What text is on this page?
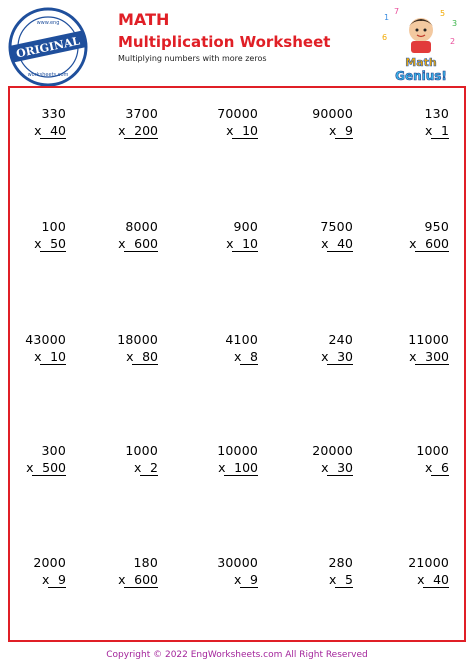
ORIGINAL
www.eng
worksheets.com
MATH
Multiplication Worksheet
Multiplying numbers with more zeros
1
7	5
3
6	2
Math
Genius!
330
x 40
3700
x 200
70000
x 10
90000
x 9
130
x 1
100
x 50
8000
x 600
900
x 10
7500
x 40
950
x 600
43000
x 10
18000
x 80
4100
x 8
240
x 30
11000
x 300
300
x 500
1000
x 2
10000
x 100
20000
x 30
1000
x 6
2000
x 9
180
x 600
30000
x 9
280
x 5
21000
x 40
Copyright © 2022 EngWorksheets.com All Right Reserved
